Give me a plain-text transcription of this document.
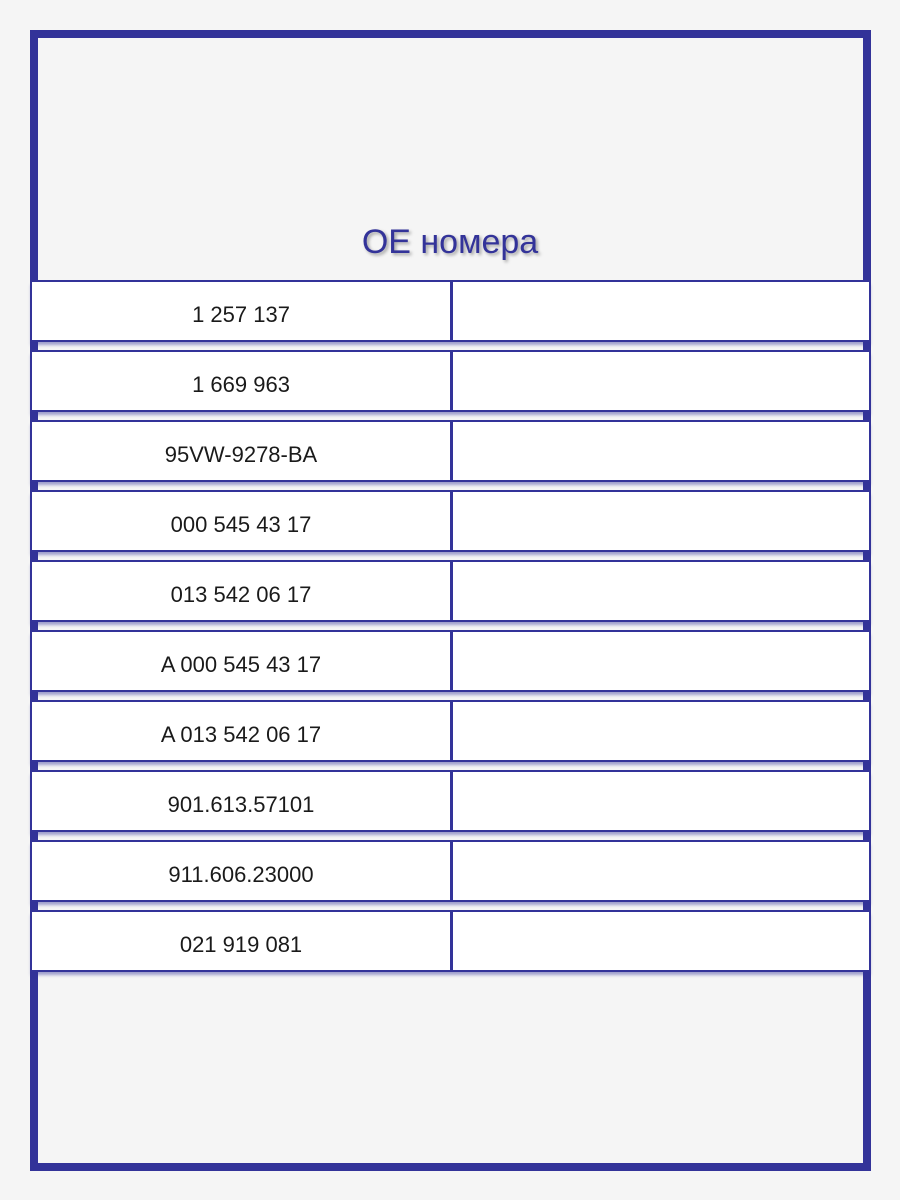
OE номера
1 257 137
1 669 963
95VW-9278-BA
000 545 43 17
013 542 06 17
A 000 545 43 17
A 013 542 06 17
901.613.57101
911.606.23000
021 919 081
